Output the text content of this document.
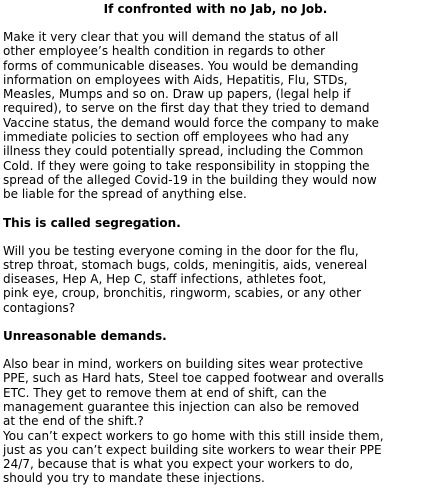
If confronted with no Jab, no Job.
Make it very clear that you will demand the status of all
other employee’s health condition in regards to other
forms of communicable diseases. You would be demanding
information on employees with Aids, Hepatitis, Flu, STDs,
Measles, Mumps and so on. Draw up papers, (legal help if
required), to serve on the first day that they tried to demand
Vaccine status, the demand would force the company to make
immediate policies to section off employees who had any
illness they could potentially spread, including the Common
Cold. If they were going to take responsibility in stopping the
spread of the alleged Covid-19 in the building they would now
be liable for the spread of anything else.
This is called segregation.
Will you be testing everyone coming in the door for the flu,
strep throat, stomach bugs, colds, meningitis, aids, venereal
diseases, Hep A, Hep C, staff infections, athletes foot,
pink eye, croup, bronchitis, ringworm, scabies, or any other
contagions?
Unreasonable demands.
Also bear in mind, workers on building sites wear protective
PPE, such as Hard hats, Steel toe capped footwear and overalls
ETC. They get to remove them at end of shift, can the
management guarantee this injection can also be removed
at the end of the shift.?
You can’t expect workers to go home with this still inside them,
just as you can’t expect building site workers to wear their PPE
24/7, because that is what you expect your workers to do,
should you try to mandate these injections.
